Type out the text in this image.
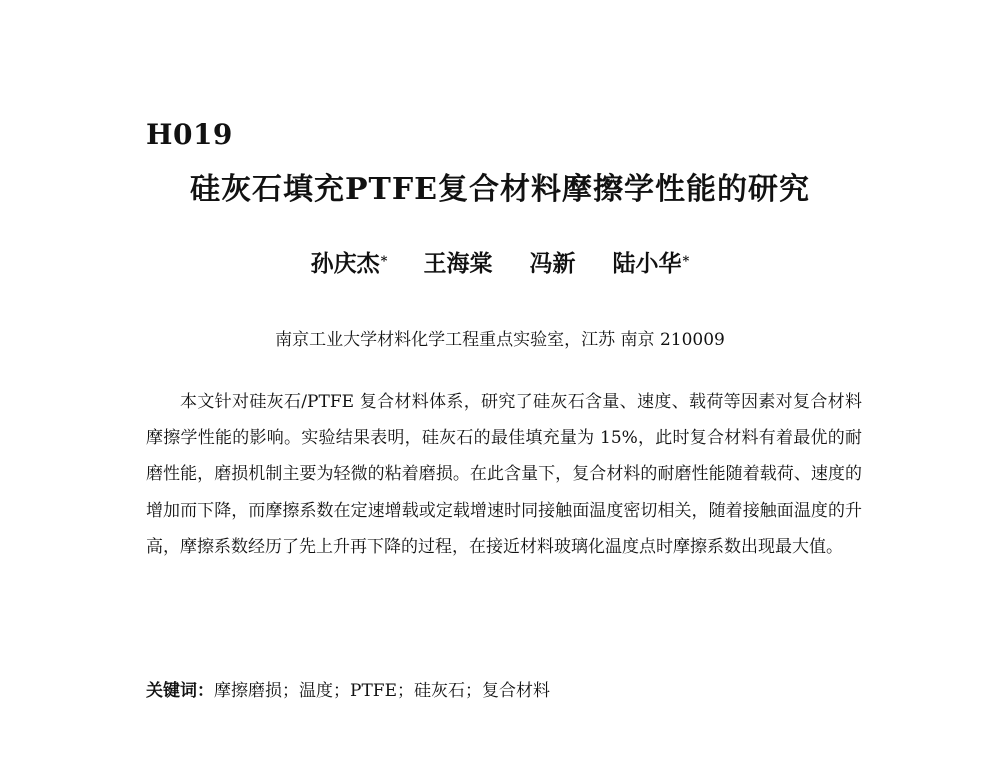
H019
硅灰石填充PTFE复合材料摩擦学性能的研究
孙庆杰* 王海棠 冯新 陆小华*
南京工业大学材料化学工程重点实验室，江苏 南京 210009

本文针对硅灰石/PTFE 复合材料体系，研究了硅灰石含量、速度、载荷等因素对复合材料摩擦学性能的影响。实验结果表明，硅灰石的最佳填充量为 15%，此时复合材料有着最优的耐磨性能，磨损机制主要为轻微的粘着磨损。在此含量下，复合材料的耐磨性能随着载荷、速度的增加而下降，而摩擦系数在定速增载或定载增速时同接触面温度密切相关，随着接触面温度的升高，摩擦系数经历了先上升再下降的过程，在接近材料玻璃化温度点时摩擦系数出现最大值。

关键词：摩擦磨损；温度；PTFE；硅灰石；复合材料
